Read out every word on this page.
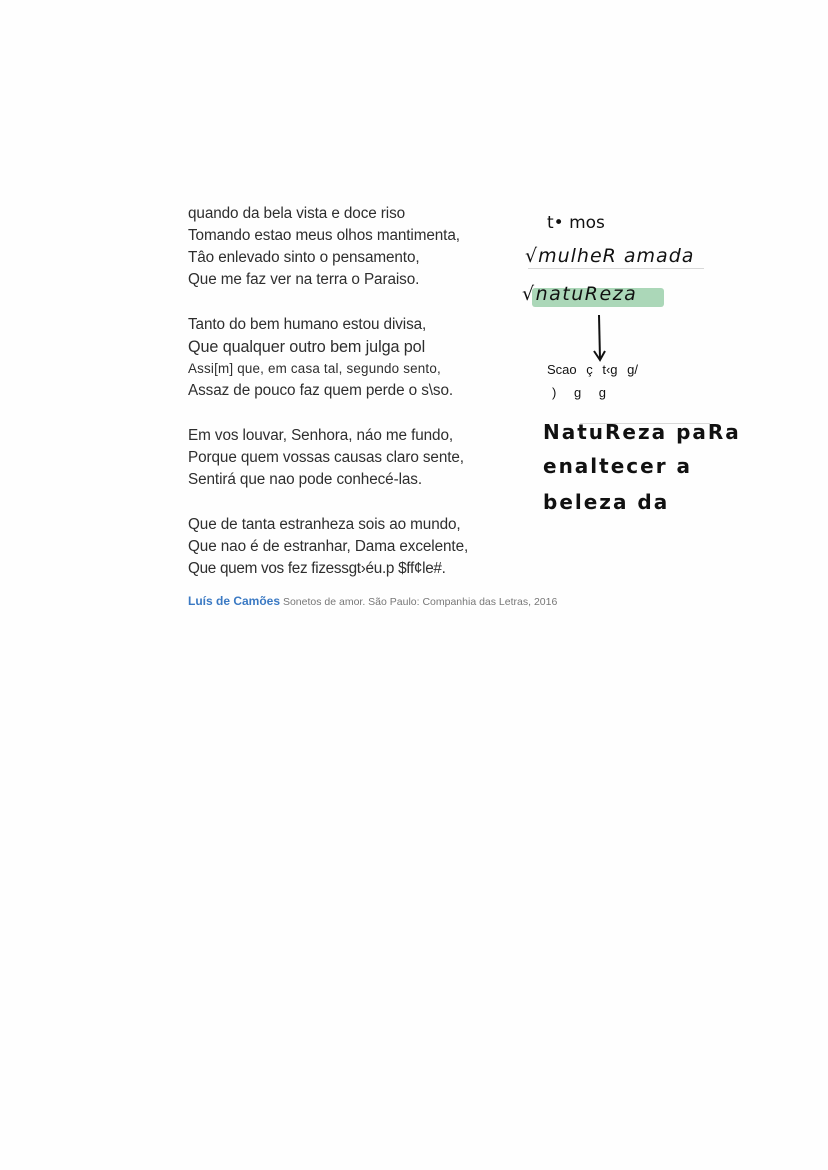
quando da bela vista e doce riso
Tomando estao meus olhos mantimenta,
Tâo enlevado sinto o pensamento,
Que me faz ver na terra o Paraiso.
Tanto do bem humano estou divisa,
Que qualquer outro bem julga pol
Assi[m] que, em casa tal, segundo sento,
Assaz de pouco faz quem perde o s\so.
Em vos louvar, Senhora, náo me fundo,
Porque quem vossas causas claro sente,
Sentirá que nao pode conhecé-las.
Que de tanta estranheza sois ao mundo,
Que nao é de estranhar, Dama excelente,
Que quem vos fez fizessgt›éu.p $ff¢le#.
Luís de Camões Sonetos de amor. São Paulo: Companhia das Letras, 2016
t• mos
√mulheR amada
√natuReza
Scao ç t‹g g/
) g g
NatuReza paRa
enaltecer a
beleza da
